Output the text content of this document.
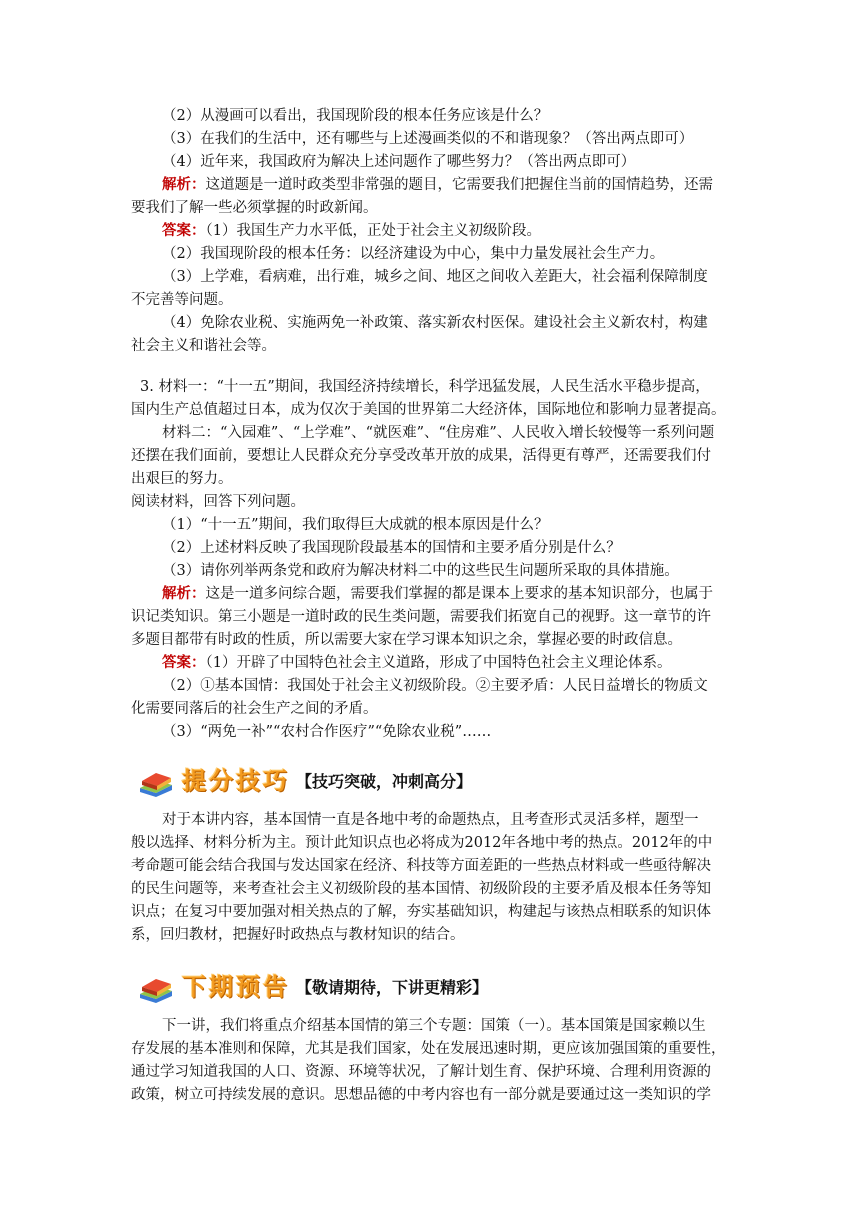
（2）从漫画可以看出，我国现阶段的根本任务应该是什么？
（3）在我们的生活中，还有哪些与上述漫画类似的不和谐现象？（答出两点即可）
（4）近年来，我国政府为解决上述问题作了哪些努力？（答出两点即可）
解析：这道题是一道时政类型非常强的题目，它需要我们把握住当前的国情趋势，还需
要我们了解一些必须掌握的时政新闻。
答案：（1）我国生产力水平低，正处于社会主义初级阶段。
（2）我国现阶段的根本任务：以经济建设为中心，集中力量发展社会生产力。
（3）上学难，看病难，出行难，城乡之间、地区之间收入差距大，社会福利保障制度
不完善等问题。
（4）免除农业税、实施两免一补政策、落实新农村医保。建设社会主义新农村，构建
社会主义和谐社会等。
3. 材料一：“十一五”期间，我国经济持续增长，科学迅猛发展，人民生活水平稳步提高，
国内生产总值超过日本，成为仅次于美国的世界第二大经济体，国际地位和影响力显著提高。
材料二：“入园难”、“上学难”、“就医难”、“住房难”、人民收入增长较慢等一系列问题
还摆在我们面前，要想让人民群众充分享受改革开放的成果，活得更有尊严，还需要我们付
出艰巨的努力。
阅读材料，回答下列问题。
（1）“十一五”期间，我们取得巨大成就的根本原因是什么？
（2）上述材料反映了我国现阶段最基本的国情和主要矛盾分别是什么？
（3）请你列举两条党和政府为解决材料二中的这些民生问题所采取的具体措施。
解析：这是一道多问综合题，需要我们掌握的都是课本上要求的基本知识部分，也属于
识记类知识。第三小题是一道时政的民生类问题，需要我们拓宽自己的视野。这一章节的许
多题目都带有时政的性质，所以需要大家在学习课本知识之余，掌握必要的时政信息。
答案：（1）开辟了中国特色社会主义道路，形成了中国特色社会主义理论体系。
（2）①基本国情：我国处于社会主义初级阶段。②主要矛盾：人民日益增长的物质文
化需要同落后的社会生产之间的矛盾。
（3）“两免一补”“农村合作医疗”“免除农业税”……
提分技巧 【技巧突破，冲刺高分】
对于本讲内容，基本国情一直是各地中考的命题热点，且考查形式灵活多样，题型一
般以选择、材料分析为主。预计此知识点也必将成为2012年各地中考的热点。2012年的中
考命题可能会结合我国与发达国家在经济、科技等方面差距的一些热点材料或一些亟待解决
的民生问题等，来考查社会主义初级阶段的基本国情、初级阶段的主要矛盾及根本任务等知
识点；在复习中要加强对相关热点的了解，夯实基础知识，构建起与该热点相联系的知识体
系，回归教材，把握好时政热点与教材知识的结合。
下期预告 【敬请期待，下讲更精彩】
下一讲，我们将重点介绍基本国情的第三个专题：国策（一）。基本国策是国家赖以生
存发展的基本准则和保障，尤其是我们国家，处在发展迅速时期，更应该加强国策的重要性，
通过学习知道我国的人口、资源、环境等状况，了解计划生育、保护环境、合理利用资源的
政策，树立可持续发展的意识。思想品德的中考内容也有一部分就是要通过这一类知识的学
